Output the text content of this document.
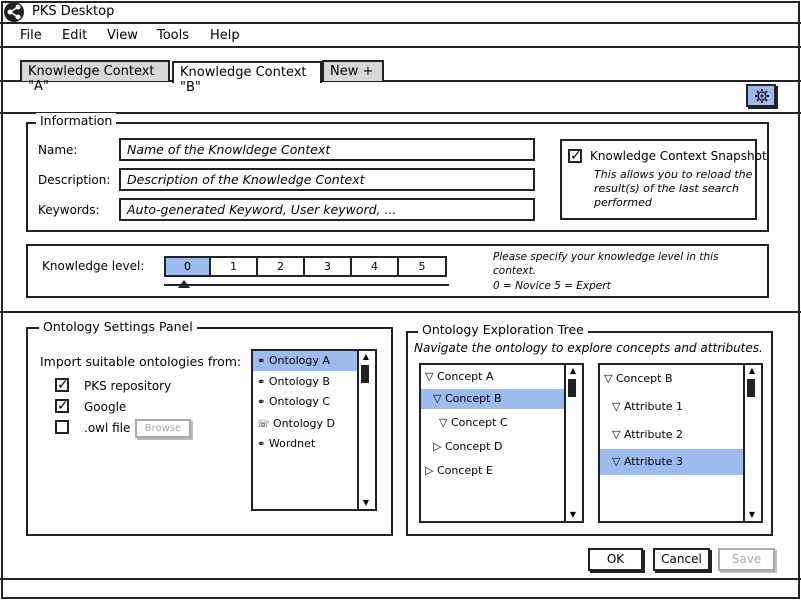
PKS Desktop
File Edit View Tools Help
Knowledge Context "A"
Knowledge Context "B"
New +
Information
Name:	Name of the Knowldege Context
Description:	Description of the Knowledge Context
Keywords:	Auto-generated Keyword, User keyword, ...
✓ Knowledge Context Snapshot
This allows you to reload the
result(s) of the last search
performed
Knowledge level:	0	1	2	3	4	5
Please specify your knowledge level in this
context.
0 = Novice 5 = Expert
Ontology Settings Panel
Import suitable ontologies from:
✓ PKS repository
✓ Google
.owl file	Browse
⚭ Ontology A
⚭ Ontology B
⚭ Ontology C
☏ Ontology D
⚭ Wordnet
▲
▼
Ontology Exploration Tree
Navigate the ontology to explore concepts and attributes.
▽ Concept A
▽ Concept B
▽ Concept C
▷ Concept D
▷ Concept E
▲
▼
▽ Concept B
▽ Attribute 1
▽ Attribute 2
▽ Attribute 3
▲
▼
OK	Cancel	Save
